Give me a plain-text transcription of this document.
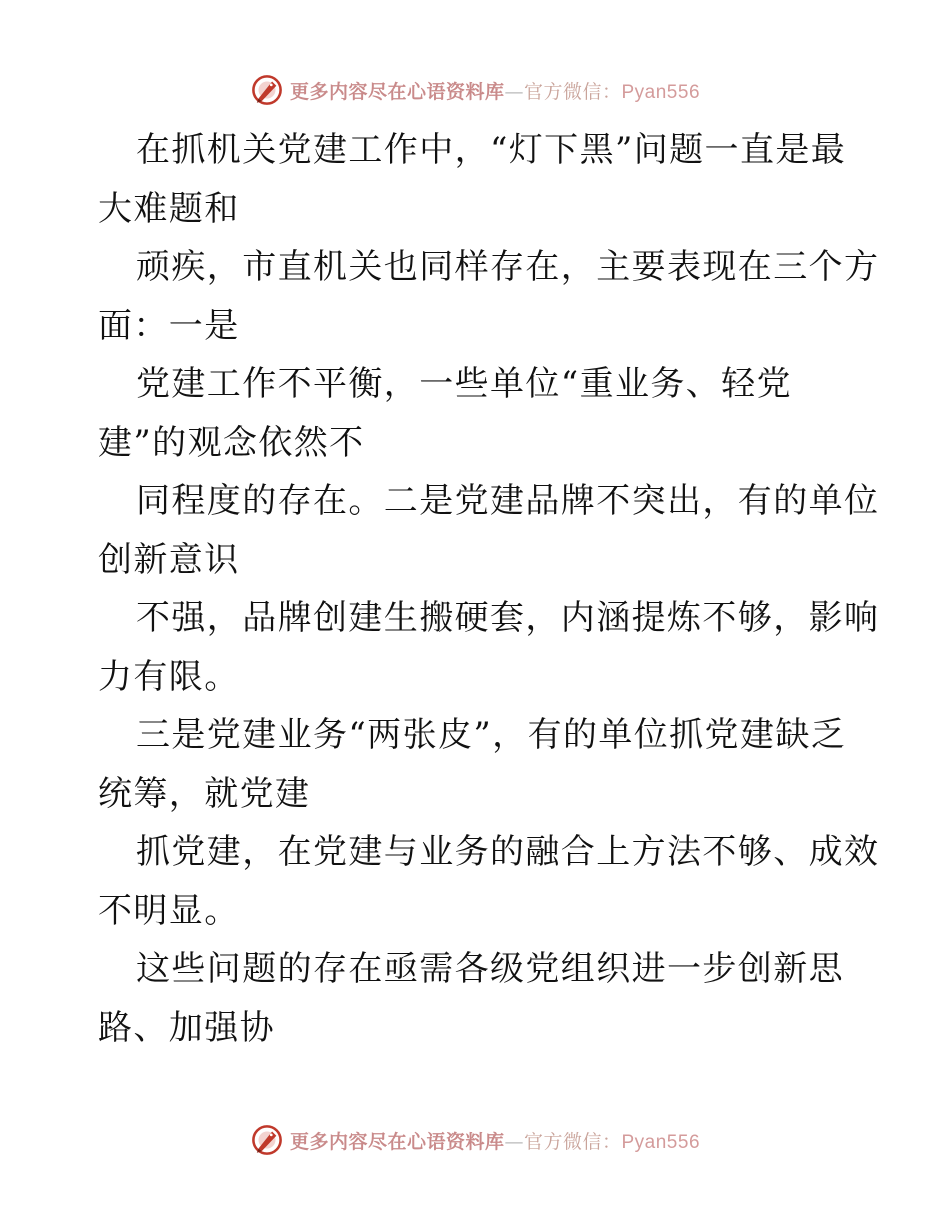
更多内容尽在心语资料库—官方微信：Pyan556
在抓机关党建工作中，“灯下黑”问题一直是最
大难题和
顽疾，市直机关也同样存在，主要表现在三个方
面：一是
党建工作不平衡，一些单位“重业务、轻党
建”的观念依然不
同程度的存在。二是党建品牌不突出，有的单位
创新意识
不强，品牌创建生搬硬套，内涵提炼不够，影响
力有限。
三是党建业务“两张皮”，有的单位抓党建缺乏
统筹，就党建
抓党建，在党建与业务的融合上方法不够、成效
不明显。
这些问题的存在亟需各级党组织进一步创新思
路、加强协
更多内容尽在心语资料库—官方微信：Pyan556
